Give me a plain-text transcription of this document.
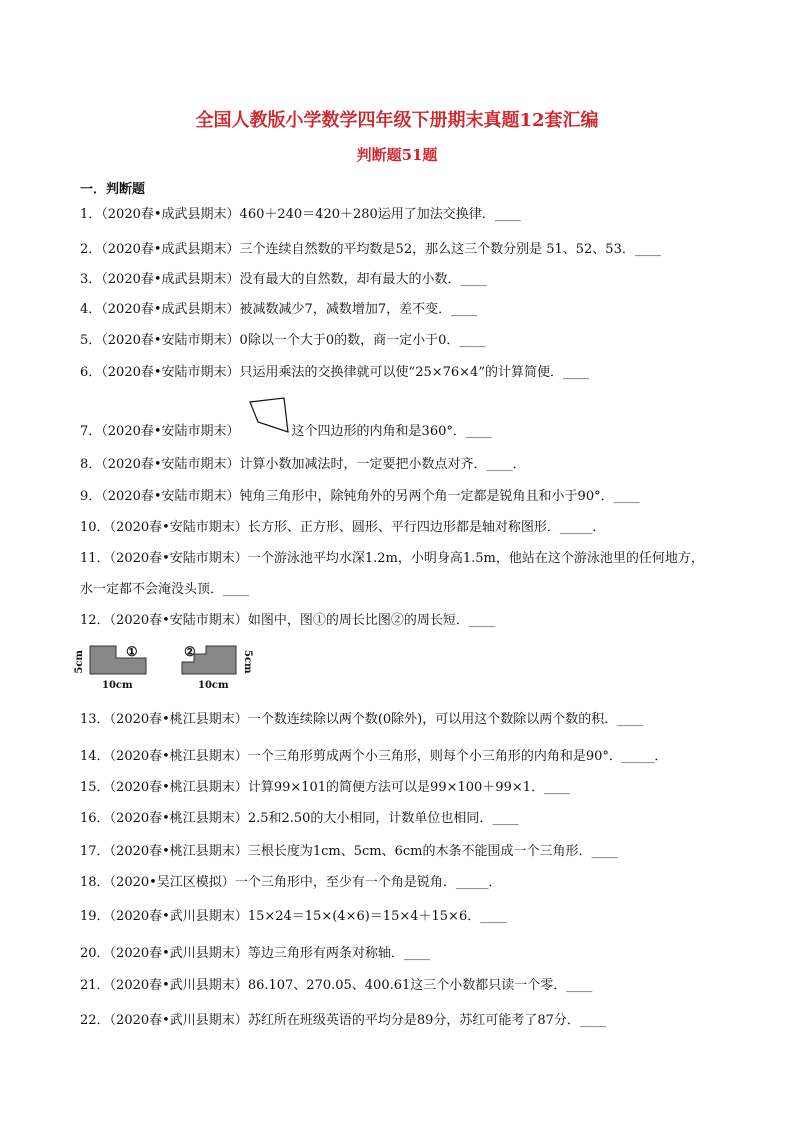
全国人教版小学数学四年级下册期末真题12套汇编
判断题51题
一．判断题
1．（2020春•成武县期末）460＋240＝420＋280运用了加法交换律．____
2．（2020春•成武县期末）三个连续自然数的平均数是52，那么这三个数分别是 51、52、53．____
3．（2020春•成武县期末）没有最大的自然数，却有最大的小数．____
4．（2020春•成武县期末）被减数减少7，减数增加7，差不变．____
5．（2020春•安陆市期末）0除以一个大于0的数，商一定小于0．____
6．（2020春•安陆市期末）只运用乘法的交换律就可以使“25×76×4”的计算简便．____
7．（2020春•安陆市期末）	这个四边形的内角和是360°．____
8．（2020春•安陆市期末）计算小数加减法时，一定要把小数点对齐．____．
9．（2020春•安陆市期末）钝角三角形中，除钝角外的另两个角一定都是锐角且和小于90°．____
10．（2020春•安陆市期末）长方形、正方形、圆形、平行四边形都是轴对称图形．_____．
11．（2020春•安陆市期末）一个游泳池平均水深1.2m，小明身高1.5m，他站在这个游泳池里的任何地方，
水一定都不会淹没头顶．____
12．（2020春•安陆市期末）如图中，图①的周长比图②的周长短．____
5cm	①
10cm
②	5cm
10cm
13．（2020春•桃江县期末）一个数连续除以两个数(0除外)，可以用这个数除以两个数的积．____
14．（2020春•桃江县期末）一个三角形剪成两个小三角形，则每个小三角形的内角和是90°．_____．
15．（2020春•桃江县期末）计算99×101的简便方法可以是99×100＋99×1．____
16．（2020春•桃江县期末）2.5和2.50的大小相同，计数单位也相同．____
17．（2020春•桃江县期末）三根长度为1cm、5cm、6cm的木条不能围成一个三角形．____
18．（2020•吴江区模拟）一个三角形中，至少有一个角是锐角．_____．
19．（2020春•武川县期末）15×24＝15×(4×6)＝15×4＋15×6．____
20．（2020春•武川县期末）等边三角形有两条对称轴．____
21．（2020春•武川县期末）86.107、270.05、400.61这三个小数都只读一个零．____
22．（2020春•武川县期末）苏红所在班级英语的平均分是89分，苏红可能考了87分．____
